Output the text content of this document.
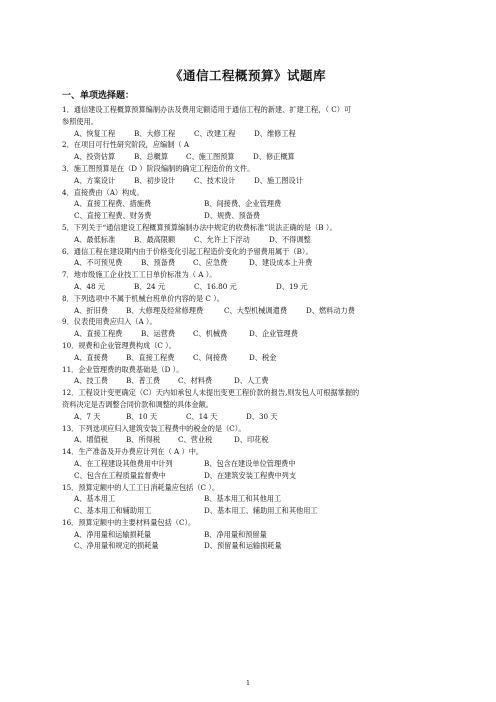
《通信工程概预算》试题库
一、单项选择题：
1．通信建设工程概算预算编制办法及费用定额适用于通信工程的新建、扩建工程，（ C）可
参照使用。
A、恢复工程	B、大修工程	C、改建工程	D、维修工程
2．在项目可行性研究阶段，应编制（ A
A、投资估算	B、总概算 C、施工图预算	D、修正概算
3．施工图预算是在（D ）阶段编制的确定工程造价的文件。
A、方案设计	B、初步设计	C、技术设计	D、施工图设计
4．直接费由（A）构成。
A、直接工程费、措施费	B、间接费、企业管理费
C、直接工程费、财务费	D、规费、预备费
5．下列关于“通信建设工程概算预算编制办法中规定的收费标准”说法正确的是（B ）。
A、最低标准	B、最高限额	C、允许上下浮动	D、不得调整
6．通信工程在建设期内由于价格变化引起工程造价变化的予留费用属于（B）。
A、不可预见费	B、预备费 C、应急费	D、建设成本上升费
7．地市级施工企业技工工日单价标准为（ A ）。
A、48 元	B、24 元	C、16.80 元	D、19 元
8．下列选项中不属于机械台班单价内容的是 C ）。
A、折旧费	B、大修理及经常修理费	C、大型机械调遣费	D、燃料动力费
9．仪表使用费应归入（A ）。
A、直接工程费	B、运营费 C、机械费	D、企业管理费
10．规费和企业管理费构成（C ）。
A、直接费	B、直接工程费	C、间接费	D、税金
11．企业管理费的取费基础是（D ）。
A、技工费	B、普工费 C、材料费	D、人工费
12．工程设计变更确定（C）天内如承包人未提出变更工程价款的报告,则发包人可根据掌握的
资料决定是否调整合同价款和调整的具体金额。
A、7 天	B、10 天	C、14 天	D、30 天
13．下列选项应归入建筑安装工程费中的税金的是（C）。
A、增值税	B、所得税 C、营业税	D、印花税
14．生产准备及开办费应计列在（ A ）中。
A、在工程建设其他费用中计列	B、包含在建设单位管理费中
C、包含在工程质量监督费中	D、在建筑安装工程费中列支
15．预算定额中的人工工日消耗量应包括（C ）。
A、基本用工	B、基本用工和其他用工
C、基本用工和辅助用工	D、基本用工、辅助用工和其他用工
16．预算定额中的主要材料量包括（C）。
A、净用量和运输损耗量	B、净用量和预留量
C、净用量和规定的损耗量	D、预留量和运输损耗量
1
